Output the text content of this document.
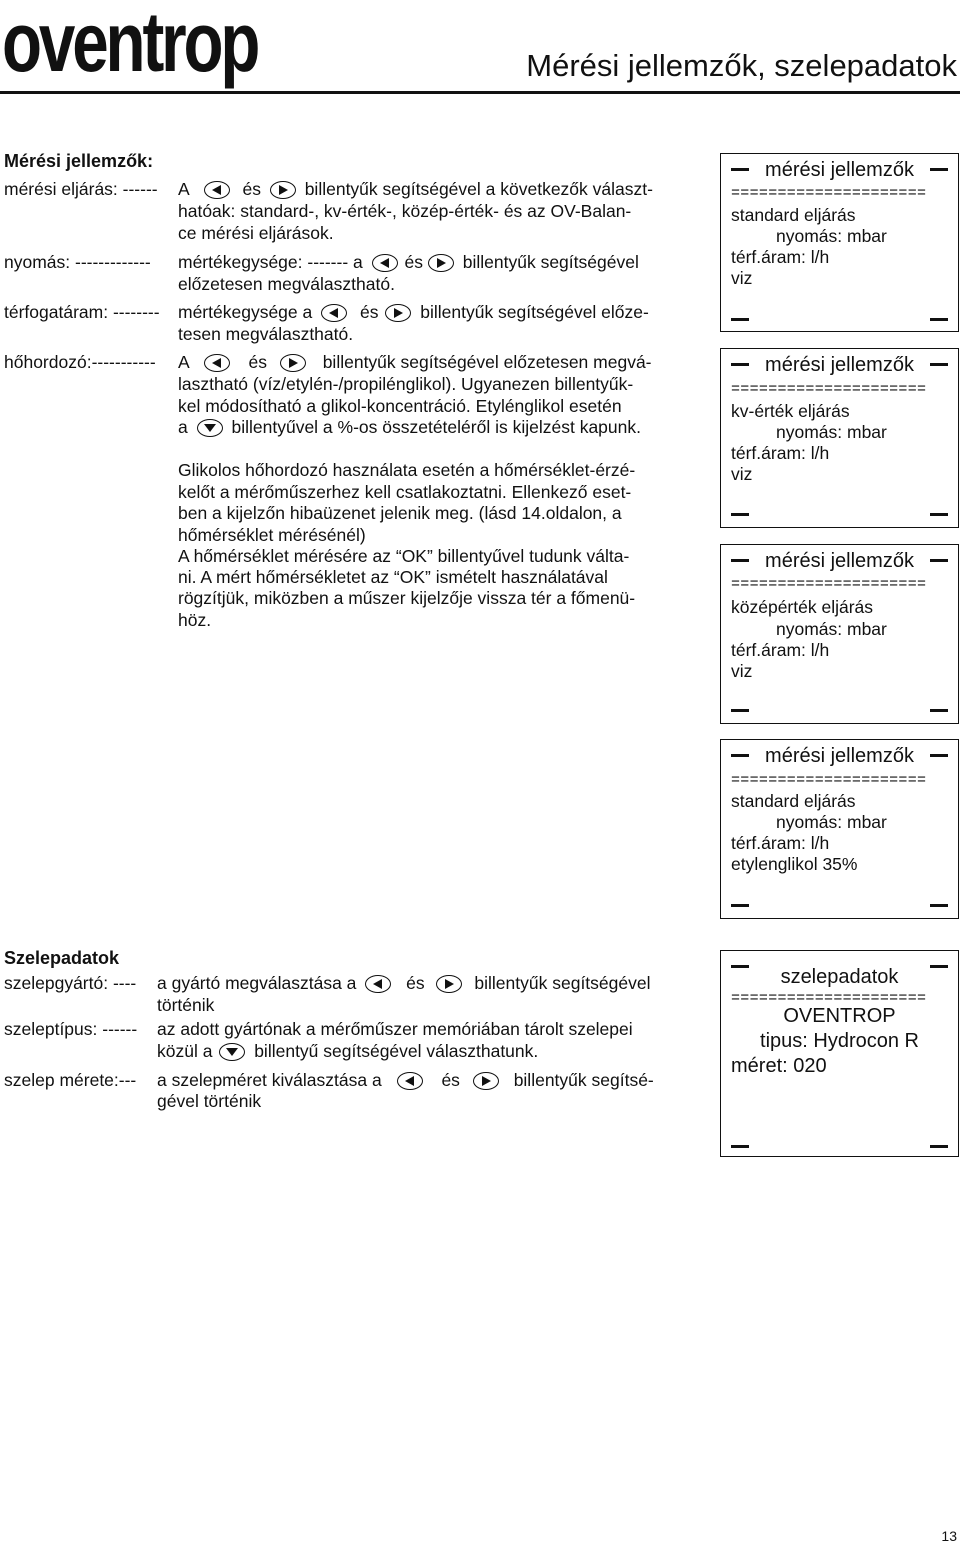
oventrop	Mérési jellemzők, szelepadatok
Mérési jellemzők:
mérési eljárás: ------ A	és	billentyűk segítségével a következők választ-
hatóak: standard-, kv-érték-, közép-érték- és az OV-Balan-
ce mérési eljárások.
nyomás: ------------- mértékegysége: ------- a és billentyűk segítségével
előzetesen megválasztható.
térfogatáram: -------- mértékegysége a	és billentyűk segítségével előze-
tesen megválasztható.
hőhordozó:----------- A	és	billentyűk segítségével előzetesen megvá-
lasztható (víz/etylén-/propilénglikol). Ugyanezen billentyűk-
kel módosítható a glikol-koncentráció. Etylénglikol esetén
a	billentyűvel a %-os összetételéről is kijelzést kapunk.
Glikolos hőhordozó használata esetén a hőmérséklet-érzé-
kelőt a mérőműszerhez kell csatlakoztatni. Ellenkező eset-
ben a kijelzőn hibaüzenet jelenik meg. (lásd 14.oldalon, a
hőmérséklet mérésénél)
A hőmérséklet mérésére az “OK” billentyűvel tudunk válta-
ni. A mért hőmérsékletet az “OK” ismételt használatával
rögzítjük, miközben a műszer kijelzője vissza tér a főmenü-
höz.
Szelepadatok
szelepgyártó: ---- a gyártó megválasztása a	és	billentyűk segítségével
történik
szeleptípus: ------ az adott gyártónak a mérőműszer memóriában tárolt szelepei
közül a billentyű segítségével választhatunk.
szelep mérete:--- a szelepméret kiválasztása a	és	billentyűk segítsé-
gével történik
mérési jellemzők
=====================
standard eljárás
nyomás: mbar
térf.áram: l/h
viz
mérési jellemzők
=====================
kv-érték eljárás
nyomás: mbar
térf.áram: l/h
viz
mérési jellemzők
=====================
középérték eljárás
nyomás: mbar
térf.áram: l/h
viz
mérési jellemzők
=====================
standard eljárás
nyomás: mbar
térf.áram: l/h
etylenglikol 35%
szelepadatok
=====================
OVENTROP
tipus: Hydrocon R
méret: 020
13
